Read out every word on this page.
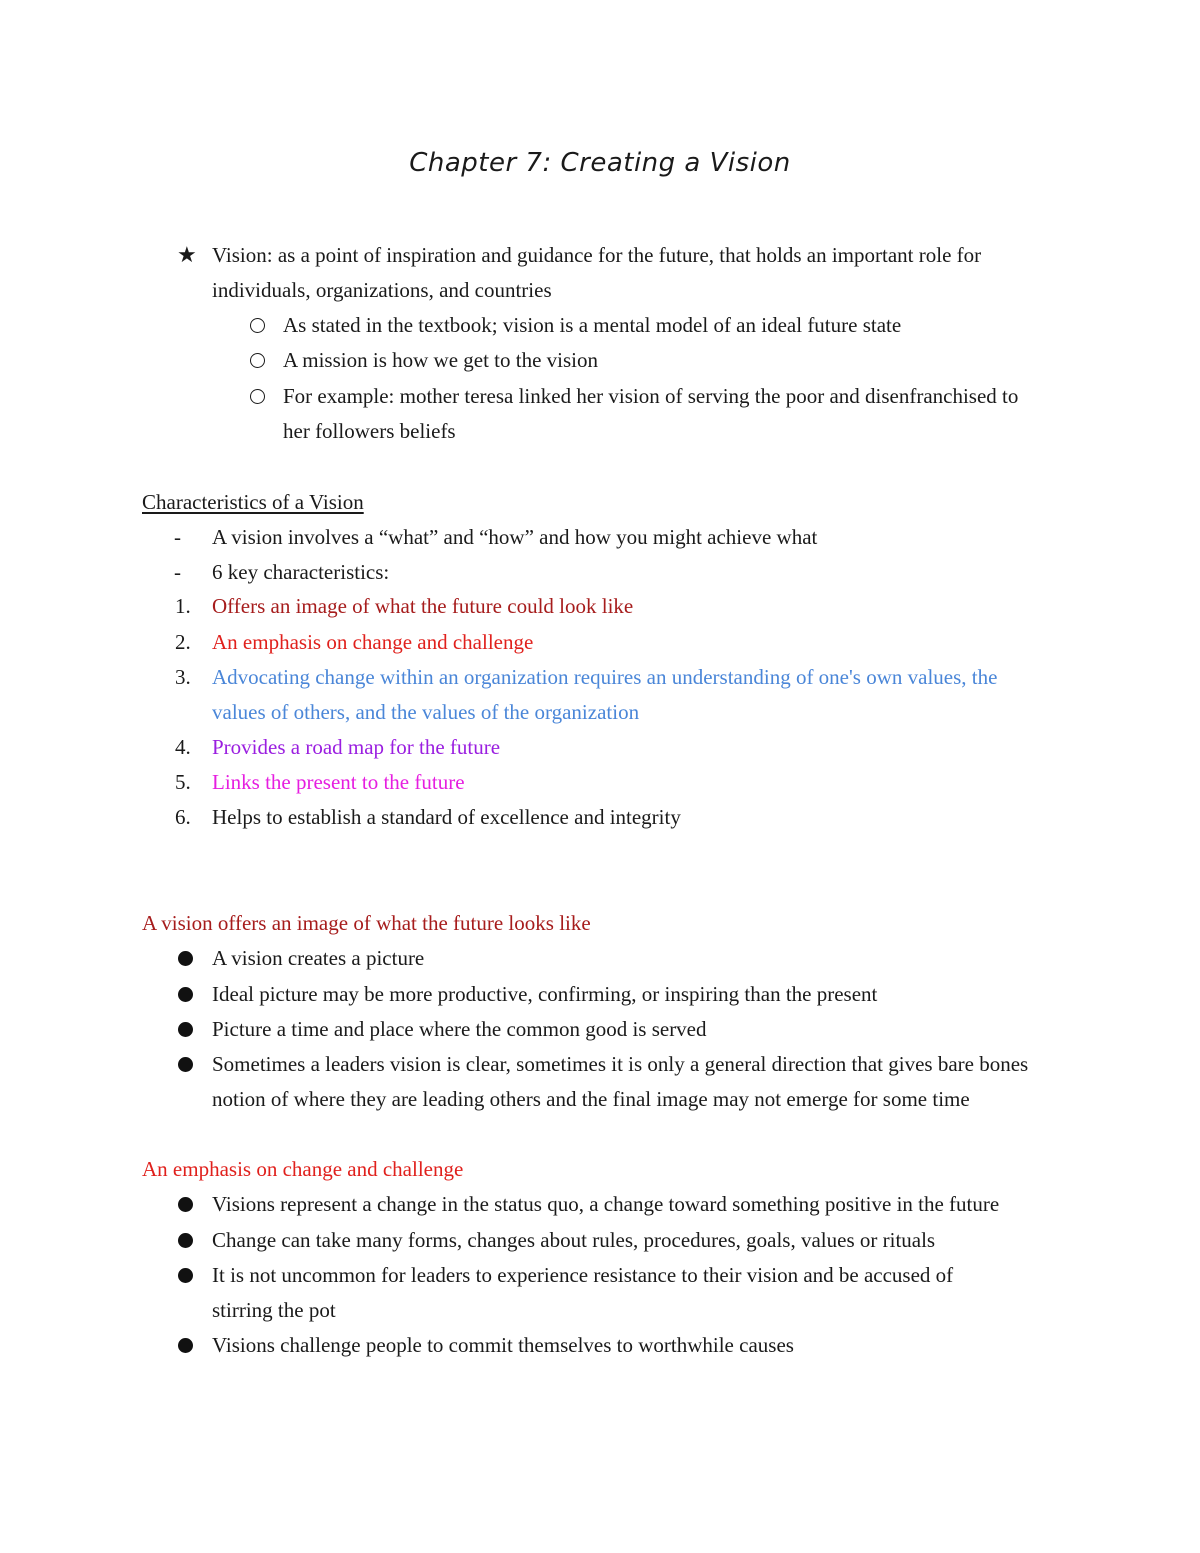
Chapter 7: Creating a Vision
★ Vision: as a point of inspiration and guidance for the future, that holds an important role for
individuals, organizations, and countries
As stated in the textbook; vision is a mental model of an ideal future state
A mission is how we get to the vision
For example: mother teresa linked her vision of serving the poor and disenfranchised to
her followers beliefs
Characteristics of a Vision
- A vision involves a “what” and “how” and how you might achieve what
- 6 key characteristics:
1. Offers an image of what the future could look like
2. An emphasis on change and challenge
3. Advocating change within an organization requires an understanding of one's own values, the
values of others, and the values of the organization
4. Provides a road map for the future
5. Links the present to the future
6. Helps to establish a standard of excellence and integrity
A vision offers an image of what the future looks like
A vision creates a picture
Ideal picture may be more productive, confirming, or inspiring than the present
Picture a time and place where the common good is served
Sometimes a leaders vision is clear, sometimes it is only a general direction that gives bare bones
notion of where they are leading others and the final image may not emerge for some time
An emphasis on change and challenge
Visions represent a change in the status quo, a change toward something positive in the future
Change can take many forms, changes about rules, procedures, goals, values or rituals
It is not uncommon for leaders to experience resistance to their vision and be accused of
stirring the pot
Visions challenge people to commit themselves to worthwhile causes
